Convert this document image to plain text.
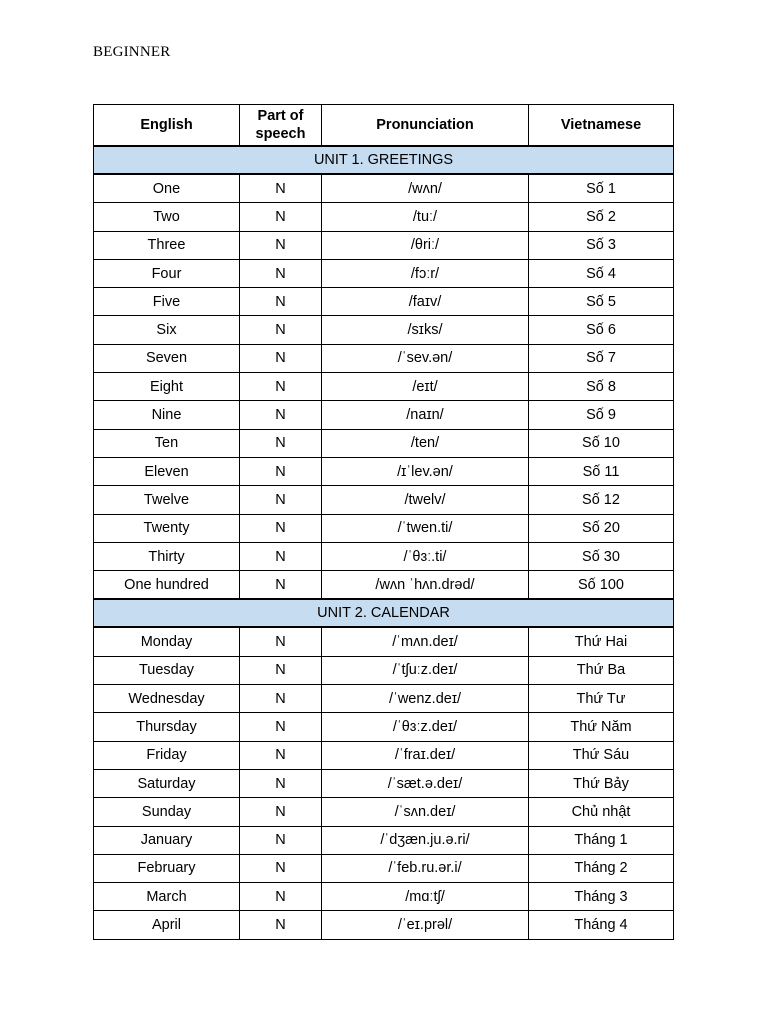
BEGINNER
English	Part of speech	Pronunciation	Vietnamese
UNIT 1. GREETINGS			
One	N	/wʌn/	Số 1
Two	N	/tuː/	Số 2
Three	N	/θriː/	Số 3
Four	N	/fɔːr/	Số 4
Five	N	/faɪv/	Số 5
Six	N	/sɪks/	Số 6
Seven	N	/ˈsev.ən/	Số 7
Eight	N	/eɪt/	Số 8
Nine	N	/naɪn/	Số 9
Ten	N	/ten/	Số 10
Eleven	N	/ɪˈlev.ən/	Số 11
Twelve	N	/twelv/	Số 12
Twenty	N	/ˈtwen.ti/	Số 20
Thirty	N	/ˈθɜː.ti/	Số 30
One hundred	N	/wʌn ˈhʌn.drəd/	Số 100
UNIT 2. CALENDAR			
Monday	N	/ˈmʌn.deɪ/	Thứ Hai
Tuesday	N	/ˈtʃuːz.deɪ/	Thứ Ba
Wednesday	N	/ˈwenz.deɪ/	Thứ Tư
Thursday	N	/ˈθɜːz.deɪ/	Thứ Năm
Friday	N	/ˈfraɪ.deɪ/	Thứ Sáu
Saturday	N	/ˈsæt.ə.deɪ/	Thứ Bảy
Sunday	N	/ˈsʌn.deɪ/	Chủ nhật
January	N	/ˈdʒæn.ju.ə.ri/	Tháng 1
February	N	/ˈfeb.ru.ər.i/	Tháng 2
March	N	/mɑːtʃ/	Tháng 3
April	N	/ˈeɪ.prəl/	Tháng 4
